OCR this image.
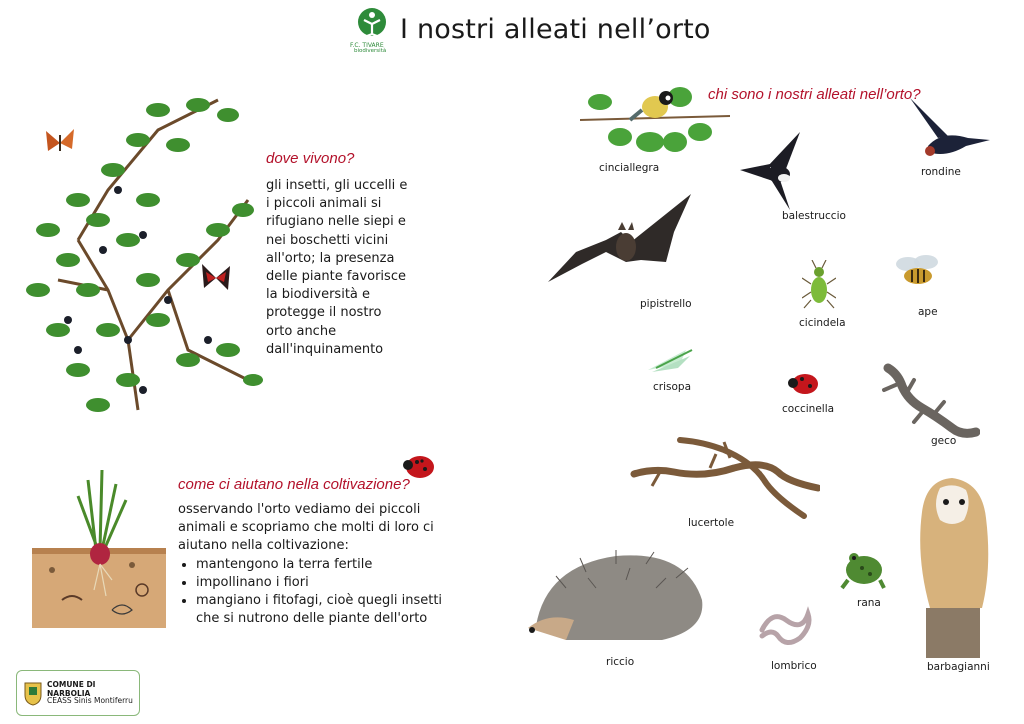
F.C. TIVARE
biodiversità
I nostri alleati nell’orto
dove vivono?
gli insetti, gli uccelli e
i piccoli animali si
rifugiano nelle siepi e
nei boschetti vicini
all'orto; la presenza
delle piante favorisce
la biodiversità e
protegge il nostro
orto anche
dall'inquinamento
come ci aiutano nella coltivazione?
osservando l'orto vediamo dei piccoli
animali e scopriamo che molti di loro ci
aiutano nella coltivazione:
• mantengono la terra fertile
• impollinano i fiori
• mangiano i fitofagi, cioè quegli insetti
che si nutrono delle piante dell'orto
chi sono i nostri alleati nell’orto?
cinciallegra	rondine
balestruccio
pipistrello
cicindela
ape
crisopa
coccinella
geco
lucertole
rana
barbagianni
riccio	lombrico
COMUNE DI NARBOLIA
CEASS Sinis Montiferru
